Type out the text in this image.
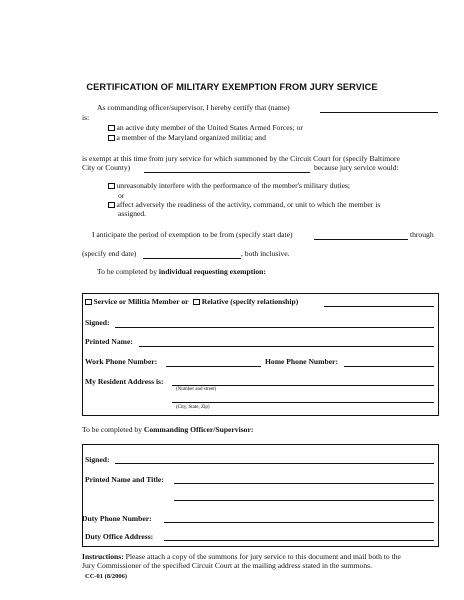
CERTIFICATION OF MILITARY EXEMPTION FROM JURY SERVICE
As commanding officer/supervisor, I hereby certify that (name)
is:
an active duty member of the United States Armed Forces; or
a member of the Maryland organized militia; and
is exempt at this time from jury service for which summoned by the Circuit Court for (specify Baltimore
City or County)	because jury service would:
unreasonably interfere with the performance of the member's military duties;
or
affect adversely the readiness of the activity, command, or unit to which the member is
assigned.
I anticipate the period of exemption to be from (specify start date)	through
(specify end date)	, both inclusive.
To be completed by individual requesting exemption:
Service or Militia Member or Relative (specify relationship)
Signed:
Printed Name:
Work Phone Number:	Home Phone Number:
My Resident Address is:
(Number and street)
(City, State, Zip)
To be completed by Commanding Officer/Supervisor:
Signed:
Printed Name and Title:
Duty Phone Number:
Duty Office Address:
Instructions: Please attach a copy of the summons for jury service to this document and mail both to the
Jury Commissioner of the specified Circuit Court at the mailing address stated in the summons.
CC-01 (8/2006)
